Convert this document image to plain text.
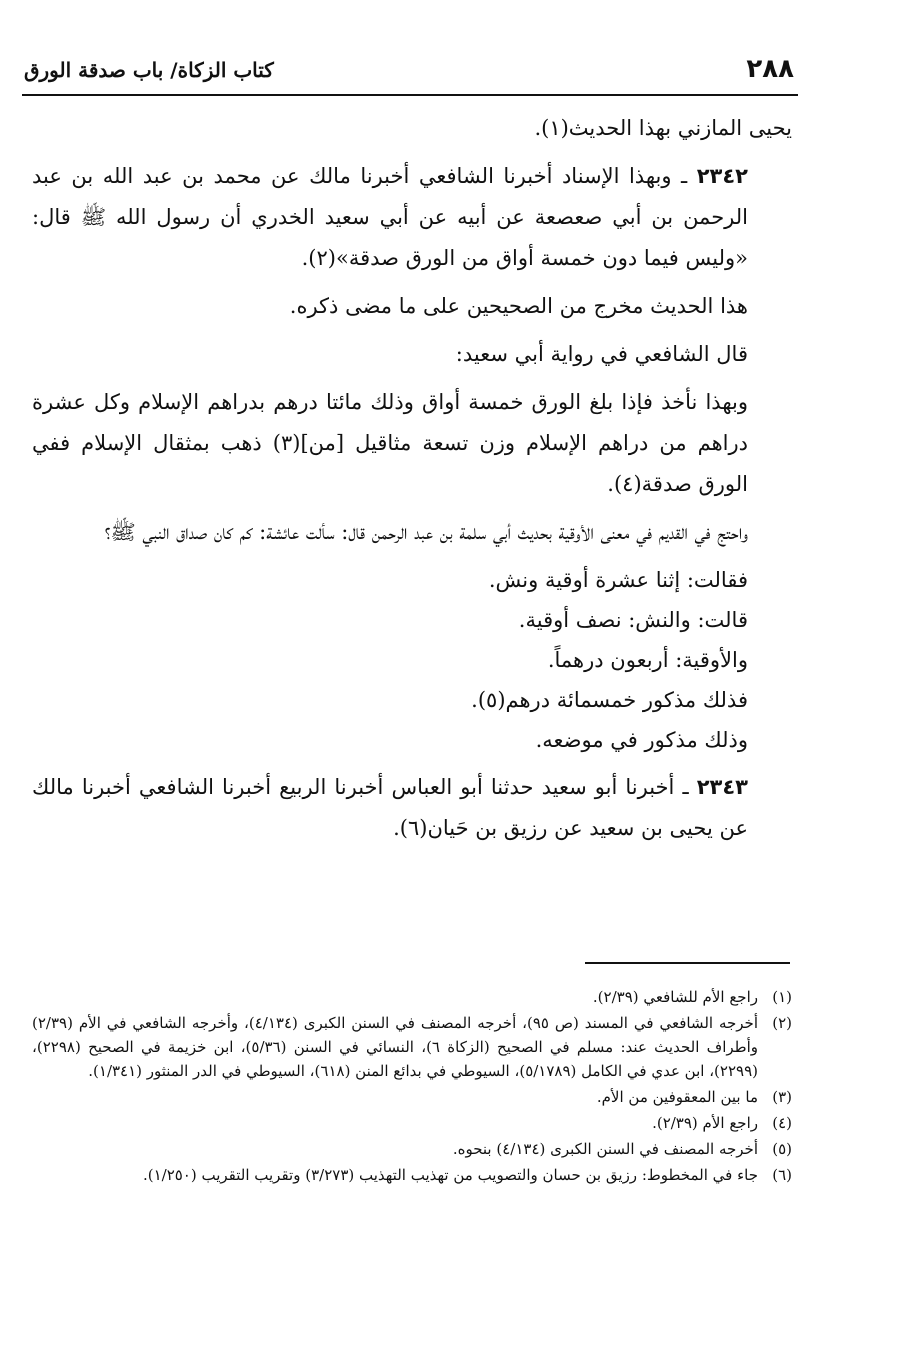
٢٨٨
كتاب الزكاة/ باب صدقة الورق

يحيى المازني بهذا الحديث(١).

٢٣٤٢ ـ وبهذا الإسناد أخبرنا الشافعي أخبرنا مالك عن محمد بن عبد الله بن عبد الرحمن بن أبي صعصعة عن أبيه عن أبي سعيد الخدري أن رسول الله ﷺ قال: «وليس فيما دون خمسة أواق من الورق صدقة»(٢).

هذا الحديث مخرج من الصحيحين على ما مضى ذكره.

قال الشافعي في رواية أبي سعيد:

وبهذا نأخذ فإذا بلغ الورق خمسة أواق وذلك مائتا درهم بدراهم الإسلام وكل عشرة دراهم من دراهم الإسلام وزن تسعة مثاقيل [من](٣) ذهب بمثقال الإسلام ففي الورق صدقة(٤).

واحتج في القديم في معنى الأوقية بحديث أبي سلمة بن عبد الرحمن قال: سألت عائشة: كم كان صداق النبي ﷺ؟

فقالت: إثنا عشرة أوقية ونش.
قالت: والنش: نصف أوقية.
والأوقية: أربعون درهماً.
فذلك مذكور خمسمائة درهم(٥).
وذلك مذكور في موضعه.

٢٣٤٣ ـ أخبرنا أبو سعيد حدثنا أبو العباس أخبرنا الربيع أخبرنا الشافعي أخبرنا مالك عن يحيى بن سعيد عن رزيق بن حَيان(٦).

(١)راجع الأم للشافعي (٢/٣٩).
(٢)أخرجه الشافعي في المسند (ص ٩٥)، أخرجه المصنف في السنن الكبرى (٤/١٣٤)، وأخرجه الشافعي في الأم (٢/٣٩) وأطراف الحديث عند: مسلم في الصحيح (الزكاة ٦)، النسائي في السنن (٥/٣٦)، ابن خزيمة في الصحيح (٢٢٩٨)، (٢٢٩٩)، ابن عدي في الكامل (٥/١٧٨٩)، السيوطي في بدائع المنن (٦١٨)، السيوطي في الدر المنثور (١/٣٤١).
(٣)ما بين المعقوفين من الأم.
(٤)راجع الأم (٢/٣٩).
(٥)أخرجه المصنف في السنن الكبرى (٤/١٣٤) بنحوه.
(٦)جاء في المخطوط: رزيق بن حسان والتصويب من تهذيب التهذيب (٣/٢٧٣) وتقريب التقريب (١/٢٥٠).
